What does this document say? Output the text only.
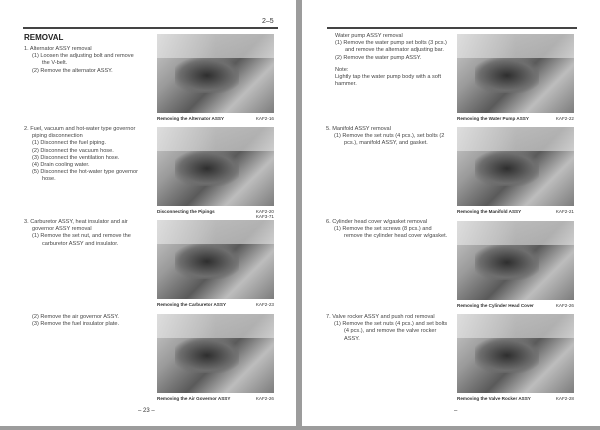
2–5
REMOVAL
1. Alternator ASSY removal
(1) Loosen the adjusting bolt and remove the V-belt.
(2) Remove the alternator ASSY.
2. Fuel, vacuum and hot-water type governor piping disconnection
(1) Disconnect the fuel piping.
(2) Disconnect the vacuum hose.
(3) Disconnect the ventilation hose.
(4) Drain cooling water.
(5) Disconnect the hot-water type governor hose.
3. Carburetor ASSY, heat insulator and air governor ASSY removal
(1) Remove the set nut, and remove the carburetor ASSY and insulator.
(2) Remove the air governor ASSY.
(3) Remove the fuel insulator plate.
Removing the Alternator ASSY	KAF2-16
Disconnecting the Pipings	KAF2-20 KAF3-71
Removing the Carburetor ASSY	KAF2-23
Removing the Air Governor ASSY	KAF2-26
– 23 –
Water pump ASSY removal
(1) Remove the water pump set bolts (3 pcs.) and remove the alternator adjusting bar.
(2) Remove the water pump ASSY.
Note:
Lightly tap the water pump body with a soft hammer.
5. Manifold ASSY removal
(1) Remove the set nuts (4 pcs.), set bolts (2 pcs.), manifold ASSY, and gasket.
6. Cylinder head cover w/gasket removal
(1) Remove the set screws (8 pcs.) and remove the cylinder head cover w/gasket.
7. Valve rocker ASSY and push rod removal
(1) Remove the set nuts (4 pcs.) and set bolts (4 pcs.), and remove the valve rocker ASSY.
Removing the Water Pump ASSY	KAF2-22
Removing the Manifold ASSY	KAF2-21
Removing the Cylinder Head Cover	KAF2-26
Removing the Valve Rocker ASSY	KAF2-28
–
